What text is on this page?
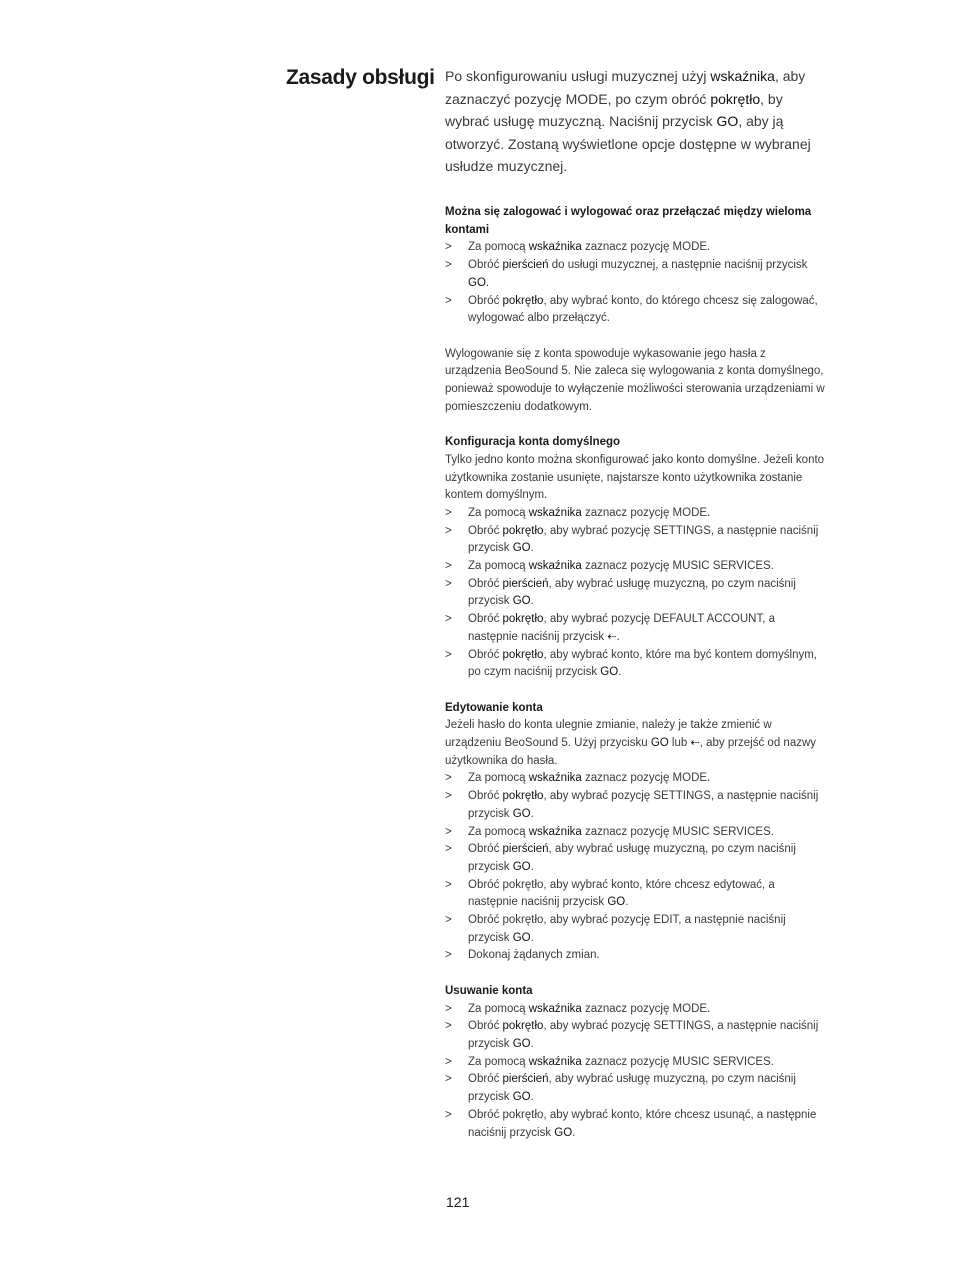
Zasady obsługi Po skonfigurowaniu usługi muzycznej użyj wskaźnika, aby zaznaczyć pozycję MODE, po czym obróć pokrętło, by wybrać usługę muzyczną. Naciśnij przycisk GO, aby ją otworzyć. Zostaną wyświetlone opcje dostępne w wybranej usłudze muzycznej.

Można się zalogować i wylogować oraz przełączać między wieloma kontami

>	Za pomocą wskaźnika zaznacz pozycję MODE.
>	Obróć pierścień do usługi muzycznej, a następnie naciśnij przycisk GO.
>	Obróć pokrętło, aby wybrać konto, do którego chcesz się zalogować, wylogować albo przełączyć.

Wylogowanie się z konta spowoduje wykasowanie jego hasła z urządzenia BeoSound 5. Nie zaleca się wylogowania z konta domyślnego, ponieważ spowoduje to wyłączenie możliwości sterowania urządzeniami w pomieszczeniu dodatkowym.

Konfiguracja konta domyślnego

Tylko jedno konto można skonfigurować jako konto domyślne. Jeżeli konto użytkownika zostanie usunięte, najstarsze konto użytkownika zostanie kontem domyślnym.

>	Za pomocą wskaźnika zaznacz pozycję MODE.
>	Obróć pokrętło, aby wybrać pozycję SETTINGS, a następnie naciśnij przycisk GO.
>	Za pomocą wskaźnika zaznacz pozycję MUSIC SERVICES.
>	Obróć pierścień, aby wybrać usługę muzyczną, po czym naciśnij przycisk GO.
>	Obróć pokrętło, aby wybrać pozycję DEFAULT ACCOUNT, a następnie naciśnij przycisk ⇠.
>	Obróć pokrętło, aby wybrać konto, które ma być kontem domyślnym, po czym naciśnij przycisk GO.

Edytowanie konta

Jeżeli hasło do konta ulegnie zmianie, należy je także zmienić w urządzeniu BeoSound 5. Użyj przycisku GO lub ⇠, aby przejść od nazwy użytkownika do hasła.

>	Za pomocą wskaźnika zaznacz pozycję MODE.
>	Obróć pokrętło, aby wybrać pozycję SETTINGS, a następnie naciśnij przycisk GO.
>	Za pomocą wskaźnika zaznacz pozycję MUSIC SERVICES.
>	Obróć pierścień, aby wybrać usługę muzyczną, po czym naciśnij przycisk GO.
>	Obróć pokrętło, aby wybrać konto, które chcesz edytować, a następnie naciśnij przycisk GO.
>	Obróć pokrętło, aby wybrać pozycję EDIT, a następnie naciśnij przycisk GO.
>	Dokonaj żądanych zmian.

Usuwanie konta

>	Za pomocą wskaźnika zaznacz pozycję MODE.
>	Obróć pokrętło, aby wybrać pozycję SETTINGS, a następnie naciśnij przycisk GO.
>	Za pomocą wskaźnika zaznacz pozycję MUSIC SERVICES.
>	Obróć pierścień, aby wybrać usługę muzyczną, po czym naciśnij przycisk GO.
>	Obróć pokrętło, aby wybrać konto, które chcesz usunąć, a następnie naciśnij przycisk GO.
121
